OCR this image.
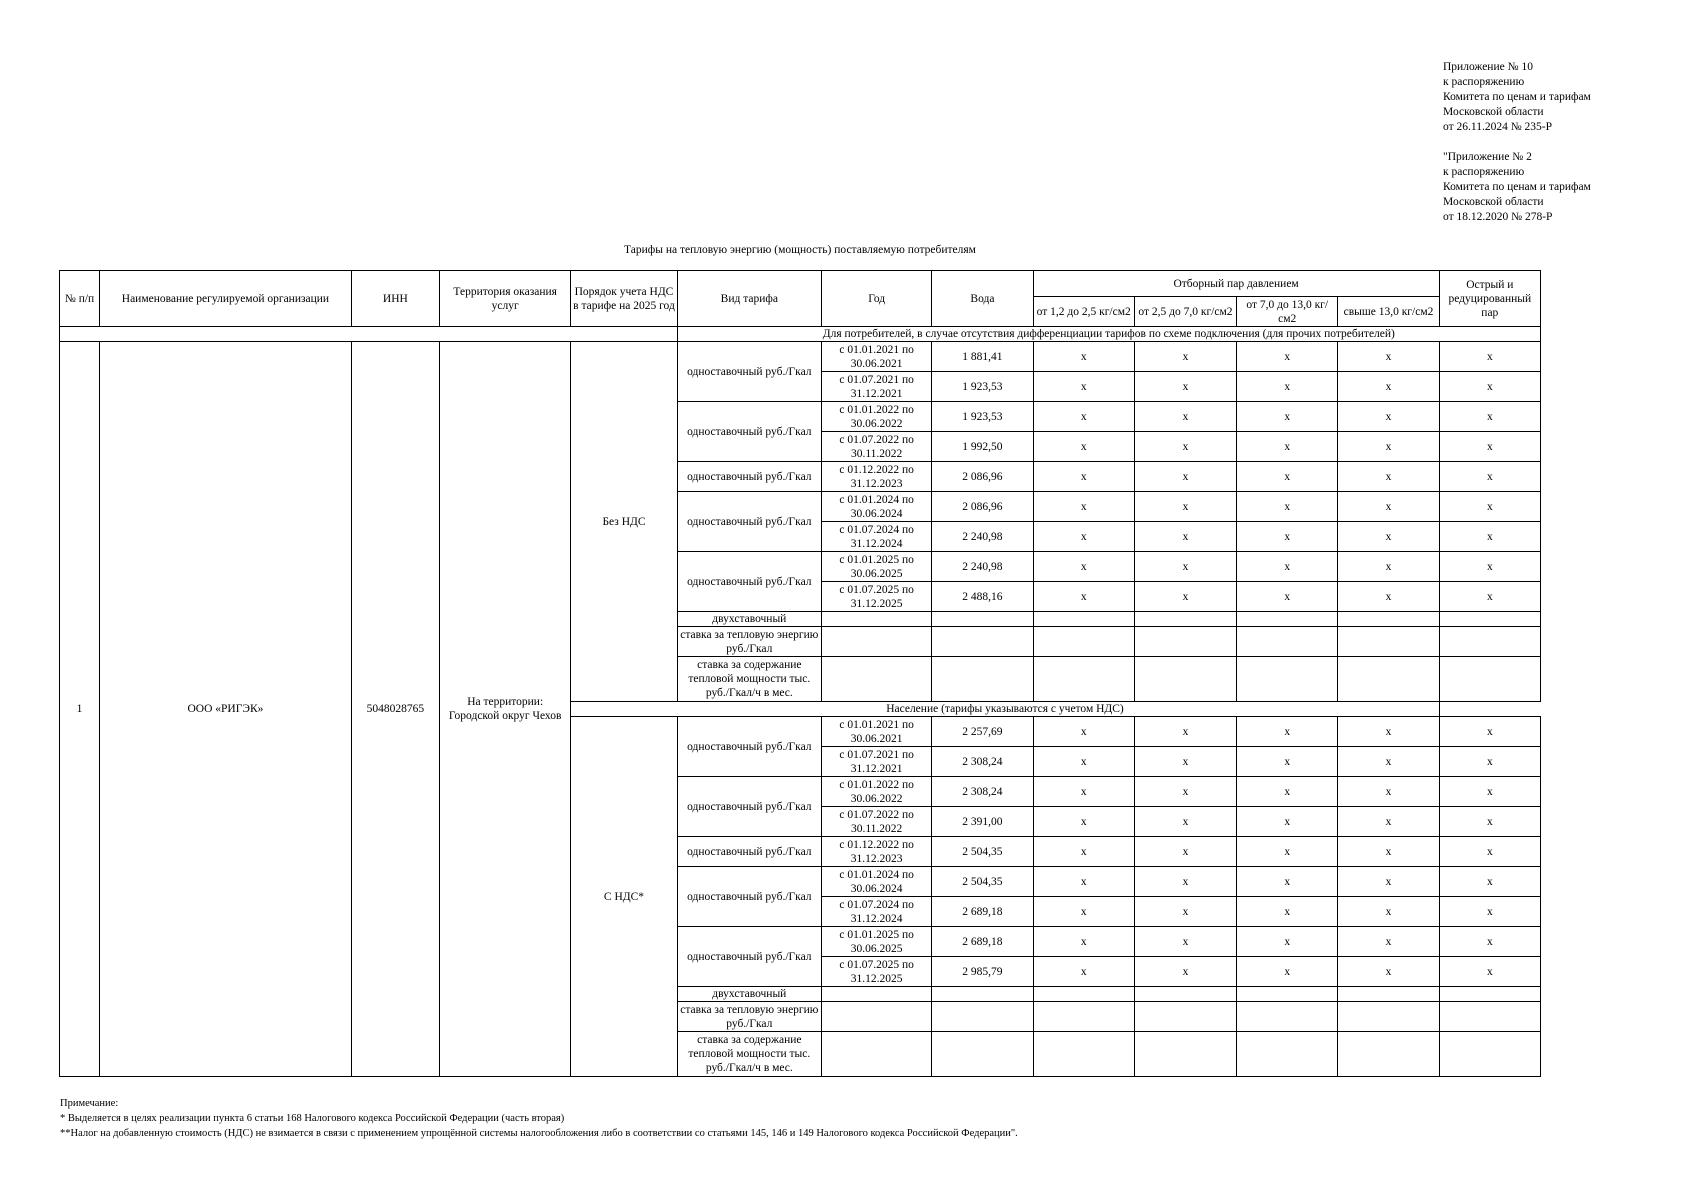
Приложение № 10
к распоряжению
Комитета по ценам и тарифам
Московской области
от 26.11.2024 № 235-Р
"Приложение № 2
к распоряжению
Комитета по ценам и тарифам
Московской области
от 18.12.2020 № 278-Р
Тарифы на тепловую энергию (мощность) поставляемую потребителям
№ п/п	Наименование регулируемой организации	ИНН	Территория оказания услуг	Порядок учета НДС в тарифе на 2025 год	Вид тарифа	Год	Вода	Отборный пар давлением				Острый и редуцированный пар
								от 1,2 до 2,5 кг/см2	от 2,5 до 7,0 кг/см2	от 7,0 до 13,0 кг/см2	свыше 13,0 кг/см2	
					Для потребителей, в случае отсутствия дифференциации тарифов по схеме подключения (для прочих потребителей)							
1	ООО «РИГЭК»	5048028765	На территории: Городской округ Чехов	Без НДС	одноставочный руб./Гкал	с 01.01.2021 по 30.06.2021	1 881,41	х	х	х	х	х
						с 01.07.2021 по 31.12.2021	1 923,53	х	х	х	х	х
					одноставочный руб./Гкал	с 01.01.2022 по 30.06.2022	1 923,53	х	х	х	х	х
						с 01.07.2022 по 30.11.2022	1 992,50	х	х	х	х	х
					одноставочный руб./Гкал	с 01.12.2022 по 31.12.2023	2 086,96	х	х	х	х	х
					одноставочный руб./Гкал	с 01.01.2024 по 30.06.2024	2 086,96	х	х	х	х	х
						с 01.07.2024 по 31.12.2024	2 240,98	х	х	х	х	х
					одноставочный руб./Гкал	с 01.01.2025 по 30.06.2025	2 240,98	х	х	х	х	х
						с 01.07.2025 по 31.12.2025	2 488,16	х	х	х	х	х
					двухставочный							
					ставка за тепловую энергию руб./Гкал							
					ставка за содержание тепловой мощности тыс. руб./Гкал/ч в мес.							
				Население (тарифы указываются с учетом НДС)								
				С НДС*	одноставочный руб./Гкал	с 01.01.2021 по 30.06.2021	2 257,69	х	х	х	х	х
						с 01.07.2021 по 31.12.2021	2 308,24	х	х	х	х	х
					одноставочный руб./Гкал	с 01.01.2022 по 30.06.2022	2 308,24	х	х	х	х	х
						с 01.07.2022 по 30.11.2022	2 391,00	х	х	х	х	х
					одноставочный руб./Гкал	с 01.12.2022 по 31.12.2023	2 504,35	х	х	х	х	х
					одноставочный руб./Гкал	с 01.01.2024 по 30.06.2024	2 504,35	х	х	х	х	х
						с 01.07.2024 по 31.12.2024	2 689,18	х	х	х	х	х
					одноставочный руб./Гкал	с 01.01.2025 по 30.06.2025	2 689,18	х	х	х	х	х
						с 01.07.2025 по 31.12.2025	2 985,79	х	х	х	х	х
					двухставочный							
					ставка за тепловую энергию руб./Гкал							
					ставка за содержание тепловой мощности тыс. руб./Гкал/ч в мес.							
Примечание:
* Выделяется в целях реализации пункта 6 статьи 168 Налогового кодекса Российской Федерации (часть вторая)
**Налог на добавленную стоимость (НДС) не взимается в связи с применением упрощённой системы налогообложения либо в соответствии со статьями 145, 146 и 149 Налогового кодекса Российской Федерации".
